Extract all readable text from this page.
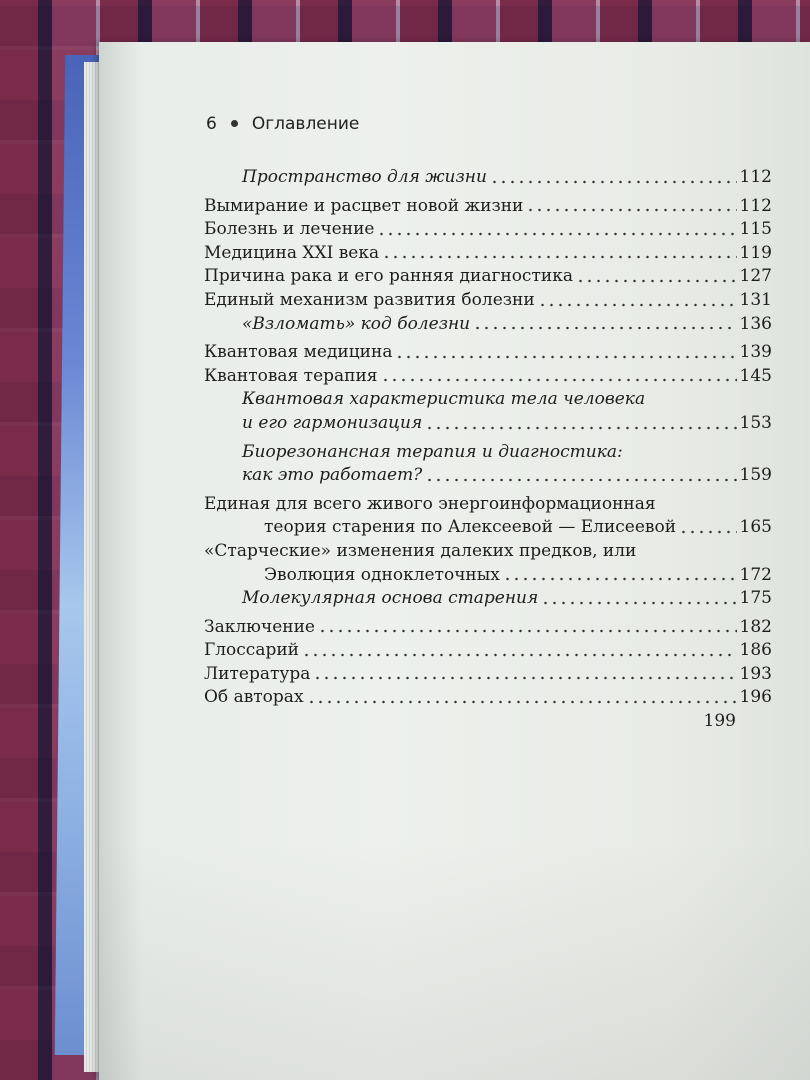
6 Оглавление
Пространство для жизни	112
Вымирание и расцвет новой жизни	112
Болезнь и лечение	115
Медицина XXI века	119
Причина рака и его ранняя диагностика	127
Единый механизм развития болезни	131
«Взломать» код болезни	136
Квантовая медицина	139
Квантовая терапия	145
Квантовая характеристика тела человека
и его гармонизация	153
Биорезонансная терапия и диагностика:
как это работает?	159
Единая для всего живого энергоинформационная
теория старения по Алексеевой — Елисеевой	165
«Старческие» изменения далеких предков, или
Эволюция одноклеточных	172
Молекулярная основа старения	175
Заключение	182
Глоссарий	186
Литература	193
Об авторах	196
199
